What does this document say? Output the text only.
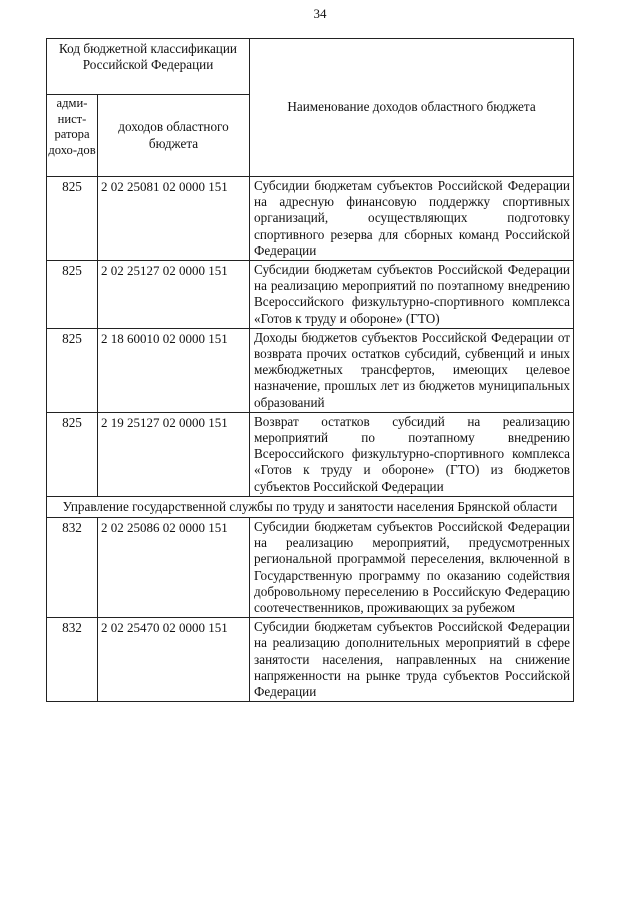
34
Код бюджетной классификации Российской Федерации		Наименование доходов областного бюджета
адми-нист-ратора дохо-дов	доходов областного бюджета	
825	2 02 25081 02 0000 151	Субсидии бюджетам субъектов Российской Федерации на адресную финансовую поддержку спортивных организаций, осуществляющих подготовку спортивного резерва для сборных команд Российской Федерации
825	2 02 25127 02 0000 151	Субсидии бюджетам субъектов Российской Федерации на реализацию мероприятий по поэтапному внедрению Всероссийского физкультурно-спортивного комплекса «Готов к труду и обороне» (ГТО)
825	2 18 60010 02 0000 151	Доходы бюджетов субъектов Российской Федерации от возврата прочих остатков субсидий, субвенций и иных межбюджетных трансфертов, имеющих целевое назначение, прошлых лет из бюджетов муниципальных образований
825	2 19 25127 02 0000 151	Возврат остатков субсидий на реализацию мероприятий по поэтапному внедрению Всероссийского физкультурно-спортивного комплекса «Готов к труду и обороне» (ГТО) из бюджетов субъектов Российской Федерации
Управление государственной службы по труду и занятости населения Брянской области		
832	2 02 25086 02 0000 151	Субсидии бюджетам субъектов Российской Федерации на реализацию мероприятий, предусмотренных региональной программой переселения, включенной в Государственную программу по оказанию содействия добровольному переселению в Российскую Федерацию соотечественников, проживающих за рубежом
832	2 02 25470 02 0000 151	Субсидии бюджетам субъектов Российской Федерации на реализацию дополнительных мероприятий в сфере занятости населения, направленных на снижение напряженности на рынке труда субъектов Российской Федерации
